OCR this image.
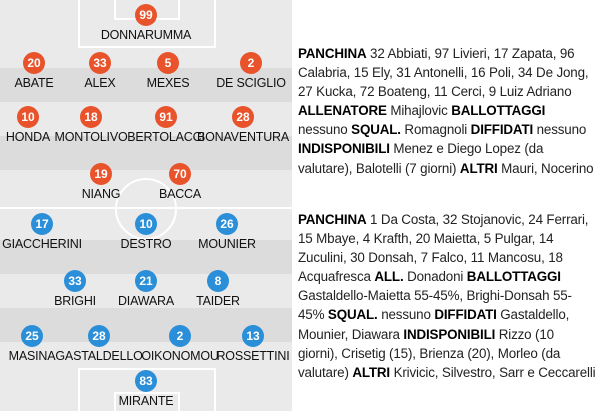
99
DONNARUMMA
20
ABATE
33
ALEX
5
MEXES
2
DE SCIGLIO
10
HONDA
18
MONTOLIVO
91
BERTOLACCI
28
BONAVENTURA
19
NIANG
70
BACCA
17
GIACCHERINI
10
DESTRO
26
MOUNIER
33
BRIGHI
21
DIAWARA
8
TAIDER
25
MASINA
28
GASTALDELLO
2
OIKONOMOU
13
ROSSETTINI
83
MIRANTE
PANCHINA 32 Abbiati, 97 Livieri, 17 Zapata, 96 Calabria, 15 Ely, 31 Antonelli, 16 Poli, 34 De Jong, 27 Kucka, 72 Boateng, 11 Cerci, 9 Luiz Adriano ALLENATORE Mihajlovic BALLOTTAGGI nessuno SQUAL. Romagnoli DIFFIDATI nessuno INDISPONIBILI Menez e Diego Lopez (da valutare), Balotelli (7 giorni) ALTRI Mauri, Nocerino
PANCHINA 1 Da Costa, 32 Stojanovic, 24 Ferrari, 15 Mbaye, 4 Krafth, 20 Maietta, 5 Pulgar, 14 Zuculini, 30 Donsah, 7 Falco, 11 Mancosu, 18 Acquafresca ALL. Donadoni BALLOTTAGGI Gastaldello-Maietta 55-45%, Brighi-Donsah 55-45% SQUAL. nessuno DIFFIDATI Gastaldello, Mounier, Diawara INDISPONIBILI Rizzo (10 giorni), Crisetig (15), Brienza (20), Morleo (da valutare) ALTRI Krivicic, Silvestro, Sarr e Ceccarelli
